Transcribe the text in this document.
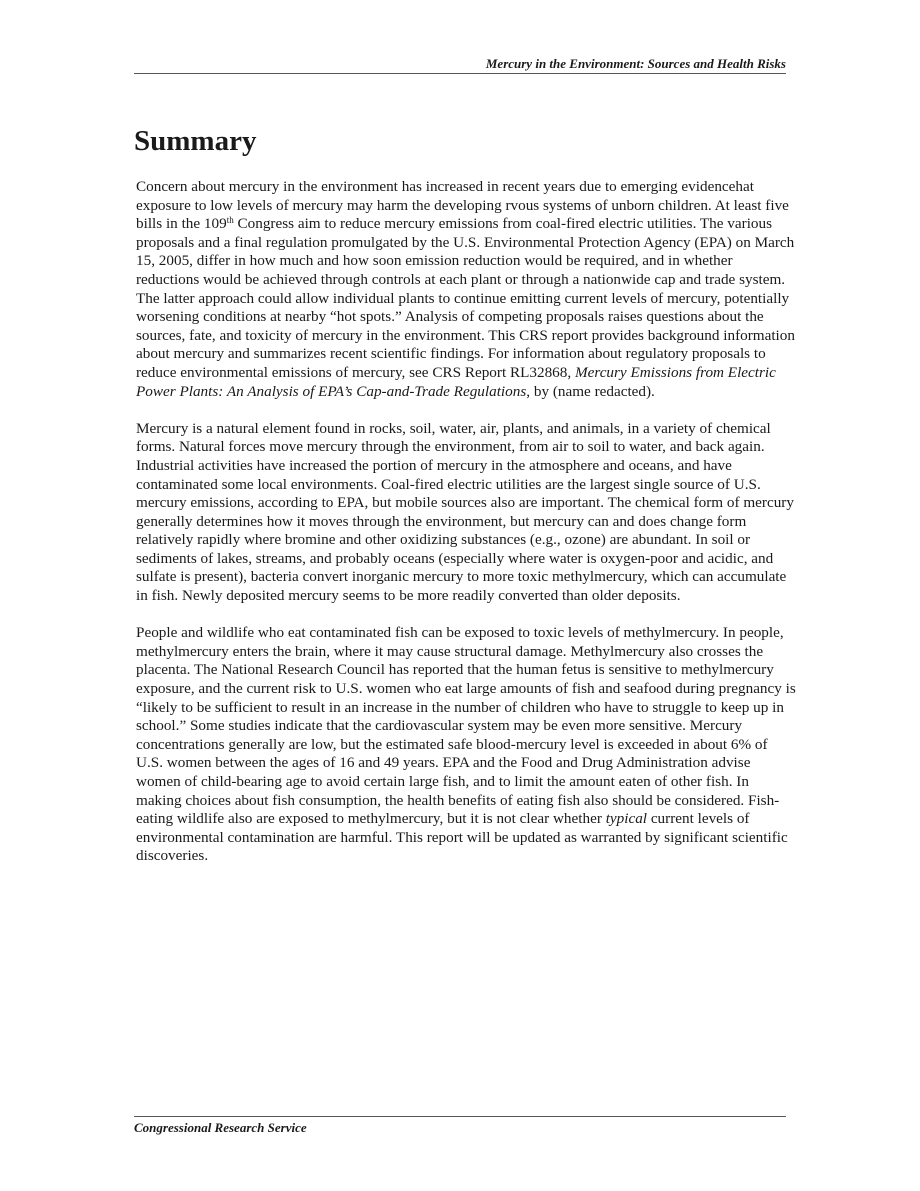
Mercury in the Environment: Sources and Health Risks
Summary

Concern about mercury in the environment has increased in recent years due to emerging evidencehat exposure to low levels of mercury may harm the developing rvous systems of unborn children. At least five bills in the 109th Congress aim to reduce mercury emissions from coal-fired electric utilities. The various proposals and a final regulation promulgated by the U.S. Environmental Protection Agency (EPA) on March 15, 2005, differ in how much and how soon emission reduction would be required, and in whether reductions would be achieved through controls at each plant or through a nationwide cap and trade system. The latter approach could allow individual plants to continue emitting current levels of mercury, potentially worsening conditions at nearby “hot spots.” Analysis of competing proposals raises questions about the sources, fate, and toxicity of mercury in the environment. This CRS report provides background information about mercury and summarizes recent scientific findings. For information about regulatory proposals to reduce environmental emissions of mercury, see CRS Report RL32868, Mercury Emissions from Electric Power Plants: An Analysis of EPA’s Cap-and-Trade Regulations, by (name redacted).

Mercury is a natural element found in rocks, soil, water, air, plants, and animals, in a variety of chemical forms. Natural forces move mercury through the environment, from air to soil to water, and back again. Industrial activities have increased the portion of mercury in the atmosphere and oceans, and have contaminated some local environments. Coal-fired electric utilities are the largest single source of U.S. mercury emissions, according to EPA, but mobile sources also are important. The chemical form of mercury generally determines how it moves through the environment, but mercury can and does change form relatively rapidly where bromine and other oxidizing substances (e.g., ozone) are abundant. In soil or sediments of lakes, streams, and probably oceans (especially where water is oxygen-poor and acidic, and sulfate is present), bacteria convert inorganic mercury to more toxic methylmercury, which can accumulate in fish. Newly deposited mercury seems to be more readily converted than older deposits.

People and wildlife who eat contaminated fish can be exposed to toxic levels of methylmercury. In people, methylmercury enters the brain, where it may cause structural damage. Methylmercury also crosses the placenta. The National Research Council has reported that the human fetus is sensitive to methylmercury exposure, and the current risk to U.S. women who eat large amounts of fish and seafood during pregnancy is “likely to be sufficient to result in an increase in the number of children who have to struggle to keep up in school.” Some studies indicate that the cardiovascular system may be even more sensitive. Mercury concentrations generally are low, but the estimated safe blood-mercury level is exceeded in about 6% of U.S. women between the ages of 16 and 49 years. EPA and the Food and Drug Administration advise women of child-bearing age to avoid certain large fish, and to limit the amount eaten of other fish. In making choices about fish consumption, the health benefits of eating fish also should be considered. Fish-eating wildlife also are exposed to methylmercury, but it is not clear whether typical current levels of environmental contamination are harmful. This report will be updated as warranted by significant scientific discoveries.

Congressional Research Service
